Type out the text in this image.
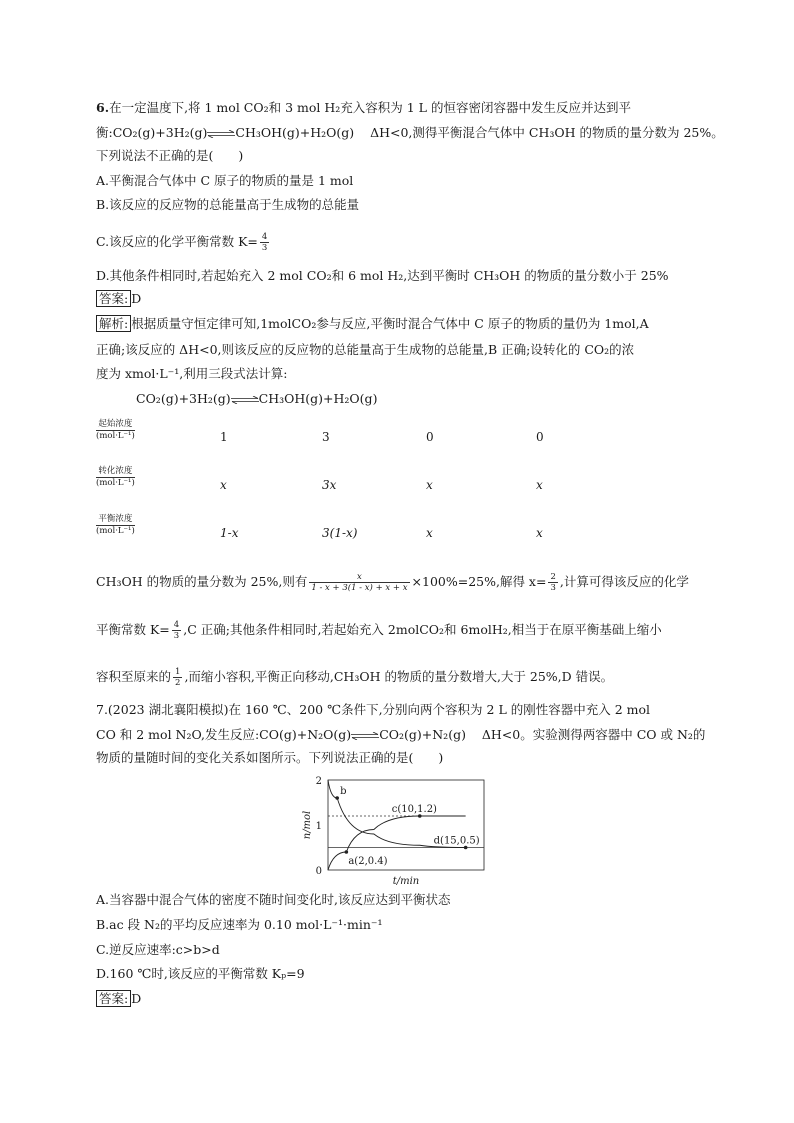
6.在一定温度下,将 1 mol CO₂和 3 mol H₂充入容积为 1 L 的恒容密闭容器中发生反应并达到平
衡:CO₂(g)+3H₂(g)⇌CH₃OH(g)+H₂O(g) ΔH<0,测得平衡混合气体中 CH₃OH 的物质的量分数为 25%。
下列说法不正确的是(　　)
A.平衡混合气体中 C 原子的物质的量是 1 mol
B.该反应的反应物的总能量高于生成物的总能量
C.该反应的化学平衡常数 $K= \frac{4}{3}$
D.其他条件相同时,若起始充入 2 mol CO₂和 6 mol H₂,达到平衡时 CH₃OH 的物质的量分数小于 25%
答案: D
解析: 根据质量守恒定律可知,1molCO₂参与反应,平衡时混合气体中 C 原子的物质的量仍为 1mol,A
正确;该反应的 ΔH<0,则该反应的反应物的总能量高于生成物的总能量,B 正确;设转化的 CO₂的浓
度为 xmol·L⁻¹,利用三段式法计算:
CO₂(g)+3H₂(g)⇌CH₃OH(g)+H₂O(g)
起始浓度
(mol·L⁻¹)	1	3	0	0
转化浓度
(mol·L⁻¹)	x	3x	x	x
平衡浓度
(mol·L⁻¹)	1-x	3(1-x)	x	x
CH₃OH 的物质的量分数为 25%,则有 $\frac{x}{1 - x + 3(1 - x) + x + x} \times 100\%=25\%$,解得 $x= \frac{2}{3}$ ,计算可得该反应的化学
平衡常数 $K= \frac{4}{3} ,C$ 正确;其他条件相同时,若起始充入 2molCO₂和 6molH₂,相当于在原平衡基础上缩小
容积至原来的 $\frac{1}{2}$ ,而缩小容积,平衡正向移动,CH₃OH 的物质的量分数增大,大于 25%,D 错误。
7.(2023 湖北襄阳模拟)在 160 ℃、200 ℃条件下,分别向两个容积为 2 L 的刚性容器中充入 2 mol
CO 和 2 mol N₂O,发生反应:CO(g)+N₂O(g)⇌CO₂(g)+N₂(g) ΔH<0。实验测得两容器中 CO 或 N₂的
物质的量随时间的变化关系如图所示。下列说法正确的是(　　)
0
1
2
n/mol
t/min
b
c(10,1.2)
d(15,0.5)
a(2,0.4)
A.当容器中混合气体的密度不随时间变化时,该反应达到平衡状态
B.ac 段 N₂的平均反应速率为 0.10 mol·L⁻¹·min⁻¹
C.逆反应速率:c>b>d
D.160 ℃时,该反应的平衡常数 Kₚ=9
答案: D
